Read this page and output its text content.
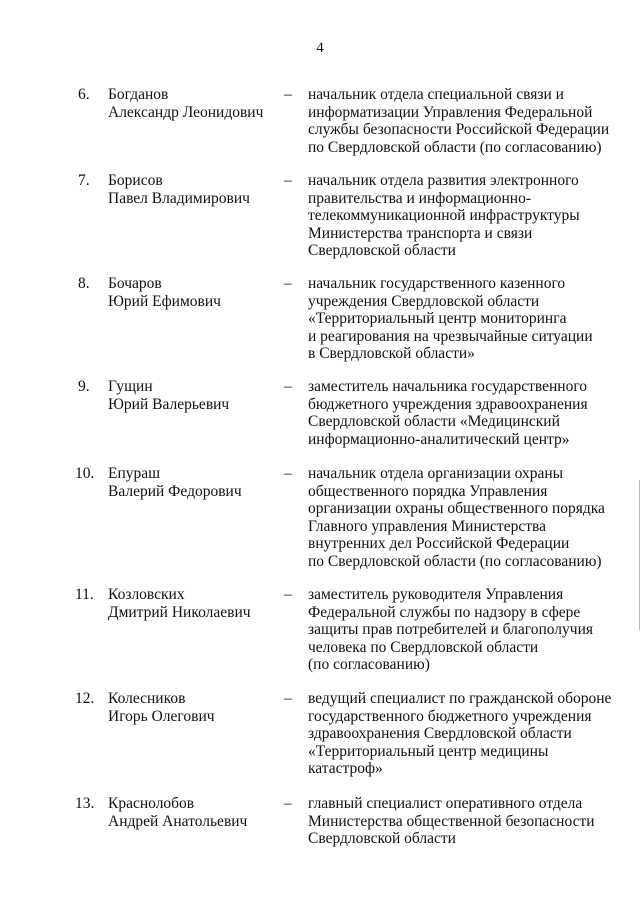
4
6. Богданов
Александр Леонидович
– начальник отдела специальной связи и
информатизации Управления Федеральной
службы безопасности Российской Федерации
по Свердловской области (по согласованию)
7. Борисов
Павел Владимирович
– начальник отдела развития электронного
правительства и информационно-
телекоммуникационной инфраструктуры
Министерства транспорта и связи
Свердловской области
8. Бочаров
Юрий Ефимович
– начальник государственного казенного
учреждения Свердловской области
«Территориальный центр мониторинга
и реагирования на чрезвычайные ситуации
в Свердловской области»
9. Гущин
Юрий Валерьевич
– заместитель начальника государственного
бюджетного учреждения здравоохранения
Свердловской области «Медицинский
информационно-аналитический центр»
10. Епураш
Валерий Федорович
– начальник отдела организации охраны
общественного порядка Управления
организации охраны общественного порядка
Главного управления Министерства
внутренних дел Российской Федерации
по Свердловской области (по согласованию)
11. Козловских
Дмитрий Николаевич
– заместитель руководителя Управления
Федеральной службы по надзору в сфере
защиты прав потребителей и благополучия
человека по Свердловской области
(по согласованию)
12. Колесников
Игорь Олегович
– ведущий специалист по гражданской обороне
государственного бюджетного учреждения
здравоохранения Свердловской области
«Территориальный центр медицины
катастроф»
13. Краснолобов
Андрей Анатольевич
– главный специалист оперативного отдела
Министерства общественной безопасности
Свердловской области
